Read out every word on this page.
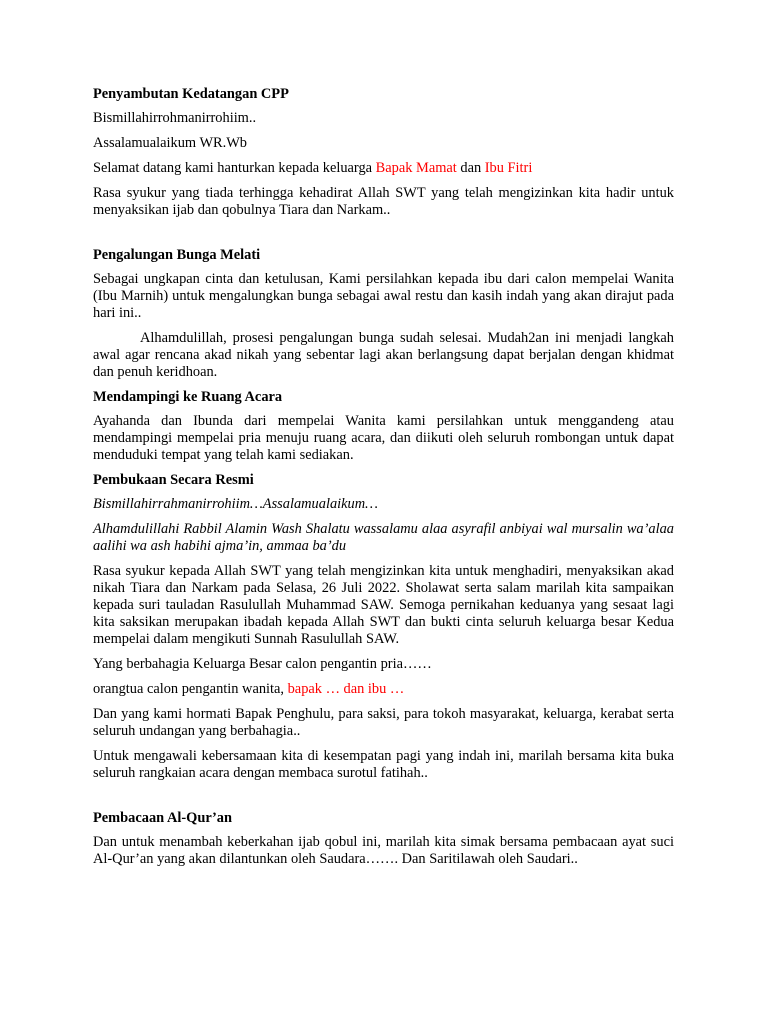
Penyambutan Kedatangan CPP

Bismillahirrohmanirrohiim..

Assalamualaikum WR.Wb

Selamat datang kami hanturkan kepada keluarga Bapak Mamat dan Ibu Fitri

Rasa syukur yang tiada terhingga kehadirat Allah SWT yang telah mengizinkan kita hadir untuk menyaksikan ijab dan qobulnya Tiara dan Narkam..

Pengalungan Bunga Melati

Sebagai ungkapan cinta dan ketulusan, Kami persilahkan kepada ibu dari calon mempelai Wanita (Ibu Marnih) untuk mengalungkan bunga sebagai awal restu dan kasih indah yang akan dirajut pada hari ini..

Alhamdulillah, prosesi pengalungan bunga sudah selesai. Mudah2an ini menjadi langkah awal agar rencana akad nikah yang sebentar lagi akan berlangsung dapat berjalan dengan khidmat dan penuh keridhoan.

Mendampingi ke Ruang Acara

Ayahanda dan Ibunda dari mempelai Wanita kami persilahkan untuk menggandeng atau mendampingi mempelai pria menuju ruang acara, dan diikuti oleh seluruh rombongan untuk dapat menduduki tempat yang telah kami sediakan.

Pembukaan Secara Resmi

Bismillahirrahmanirrohiim…Assalamualaikum…

Alhamdulillahi Rabbil Alamin Wash Shalatu wassalamu alaa asyrafil anbiyai wal mursalin wa’alaa aalihi wa ash habihi ajma’in, ammaa ba’du

Rasa syukur kepada Allah SWT yang telah mengizinkan kita untuk menghadiri, menyaksikan akad nikah Tiara dan Narkam pada Selasa, 26 Juli 2022. Sholawat serta salam marilah kita sampaikan kepada suri tauladan Rasulullah Muhammad SAW. Semoga pernikahan keduanya yang sesaat lagi kita saksikan merupakan ibadah kepada Allah SWT dan bukti cinta seluruh keluarga besar Kedua mempelai dalam mengikuti Sunnah Rasulullah SAW.

Yang berbahagia Keluarga Besar calon pengantin pria……

orangtua calon pengantin wanita, bapak … dan ibu …

Dan yang kami hormati Bapak Penghulu, para saksi, para tokoh masyarakat, keluarga, kerabat serta seluruh undangan yang berbahagia..

Untuk mengawali kebersamaan kita di kesempatan pagi yang indah ini, marilah bersama kita buka seluruh rangkaian acara dengan membaca surotul fatihah..

Pembacaan Al-Qur’an

Dan untuk menambah keberkahan ijab qobul ini, marilah kita simak bersama pembacaan ayat suci Al-Qur’an yang akan dilantunkan oleh Saudara……. Dan Saritilawah oleh Saudari..
